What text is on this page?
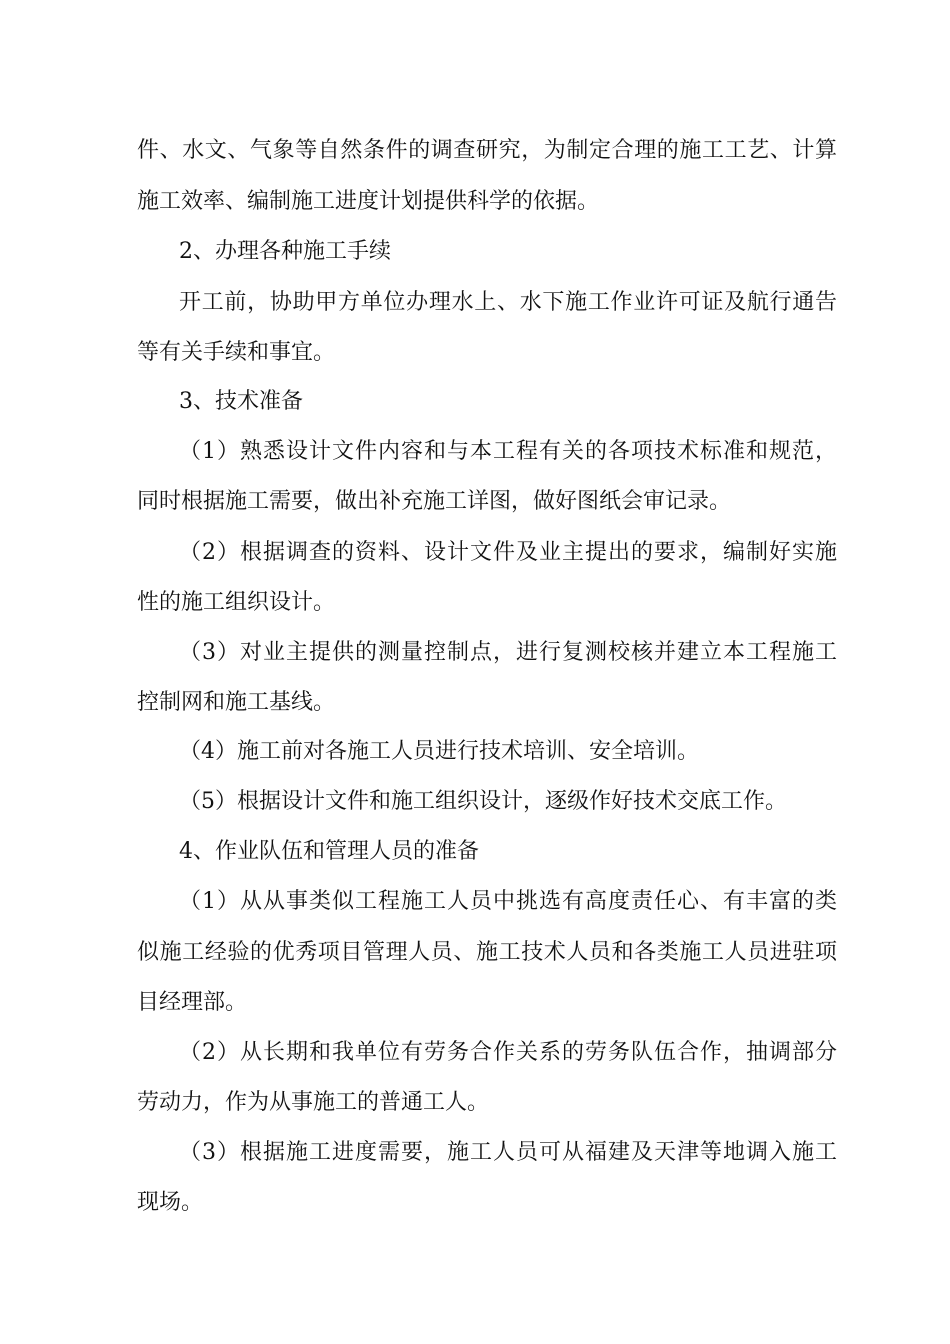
件、水文、气象等自然条件的调查研究，为制定合理的施工工艺、计算
施工效率、编制施工进度计划提供科学的依据。
2、办理各种施工手续
开工前，协助甲方单位办理水上、水下施工作业许可证及航行通告
等有关手续和事宜。
3、技术准备
（1）熟悉设计文件内容和与本工程有关的各项技术标准和规范，
同时根据施工需要，做出补充施工详图，做好图纸会审记录。
（2）根据调查的资料、设计文件及业主提出的要求，编制好实施
性的施工组织设计。
（3）对业主提供的测量控制点，进行复测校核并建立本工程施工
控制网和施工基线。
（4）施工前对各施工人员进行技术培训、安全培训。
（5）根据设计文件和施工组织设计，逐级作好技术交底工作。
4、作业队伍和管理人员的准备
（1）从从事类似工程施工人员中挑选有高度责任心、有丰富的类
似施工经验的优秀项目管理人员、施工技术人员和各类施工人员进驻项
目经理部。
（2）从长期和我单位有劳务合作关系的劳务队伍合作，抽调部分
劳动力，作为从事施工的普通工人。
（3）根据施工进度需要，施工人员可从福建及天津等地调入施工
现场。
